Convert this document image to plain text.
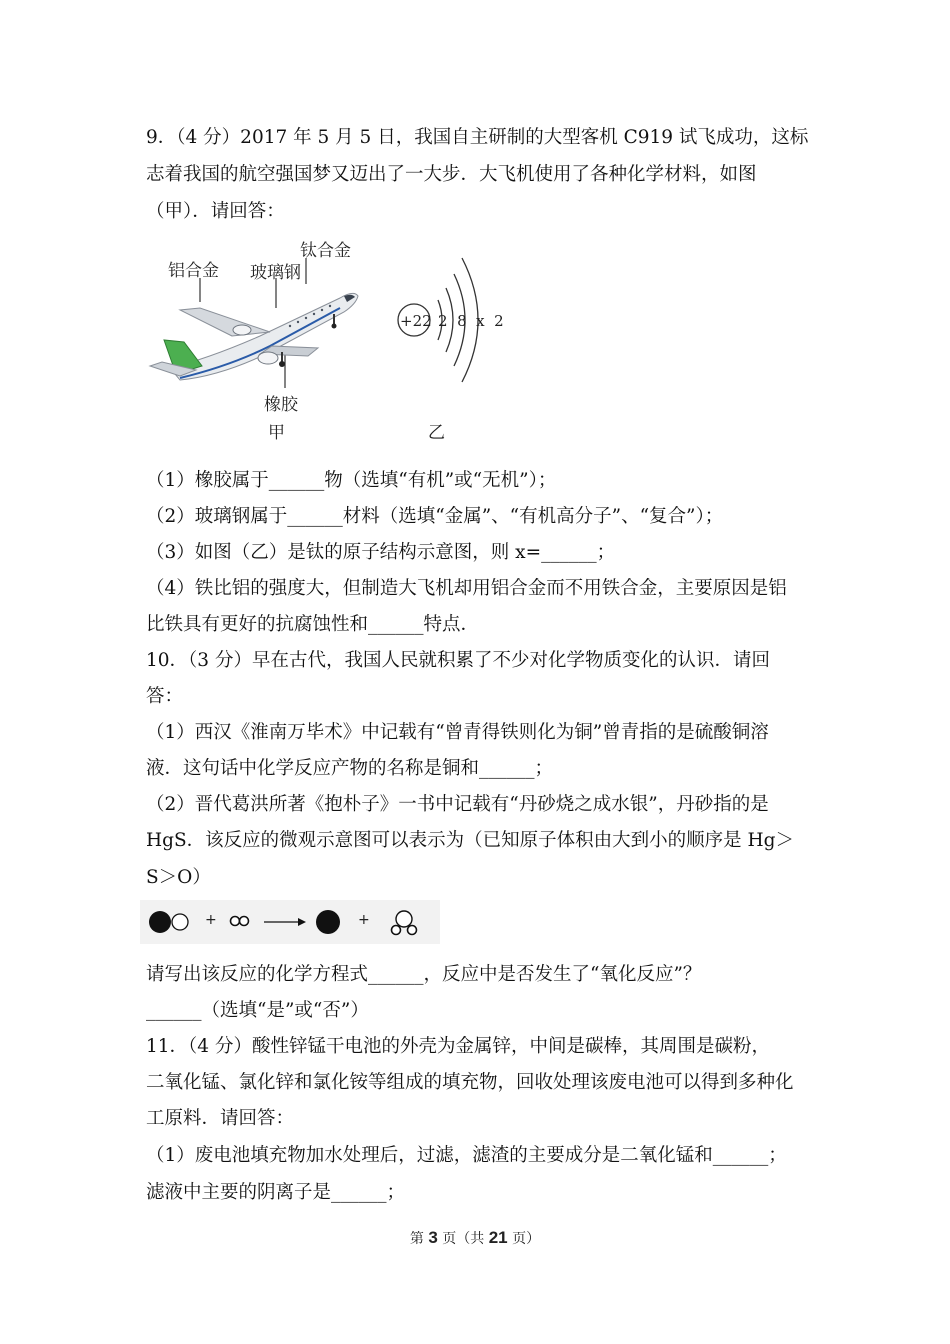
9．（4 分）2017 年 5 月 5 日，我国自主研制的大型客机 C919 试飞成功，这标
志着我国的航空强国梦又迈出了一大步．大飞机使用了各种化学材料，如图
（甲）．请回答：
铝合金 玻璃钢
钛合金
橡胶
甲	乙
+22 2  8  x  2
（1）橡胶属于______物（选填“有机”或“无机”）；
（2）玻璃钢属于______材料（选填“金属”、“有机高分子”、“复合”）；
（3）如图（乙）是钛的原子结构示意图，则 x=______；
（4）铁比铝的强度大，但制造大飞机却用铝合金而不用铁合金，主要原因是铝
比铁具有更好的抗腐蚀性和______特点．
10．（3 分）早在古代，我国人民就积累了不少对化学物质变化的认识．请回
答：
（1）西汉《淮南万毕术》中记载有“曾青得铁则化为铜”曾青指的是硫酸铜溶
液．这句话中化学反应产物的名称是铜和______；
（2）晋代葛洪所著《抱朴子》一书中记载有“丹砂烧之成水银”，丹砂指的是
HgS．该反应的微观示意图可以表示为（已知原子体积由大到小的顺序是 Hg＞
S＞O）
+	+
请写出该反应的化学方程式______，反应中是否发生了“氧化反应”？
______（选填“是”或“否”）
11．（4 分）酸性锌锰干电池的外壳为金属锌，中间是碳棒，其周围是碳粉，
二氧化锰、氯化锌和氯化铵等组成的填充物，回收处理该废电池可以得到多种化
工原料．请回答：
（1）废电池填充物加水处理后，过滤，滤渣的主要成分是二氧化锰和______；
滤液中主要的阴离子是______；
第 3 页（共 21 页）
